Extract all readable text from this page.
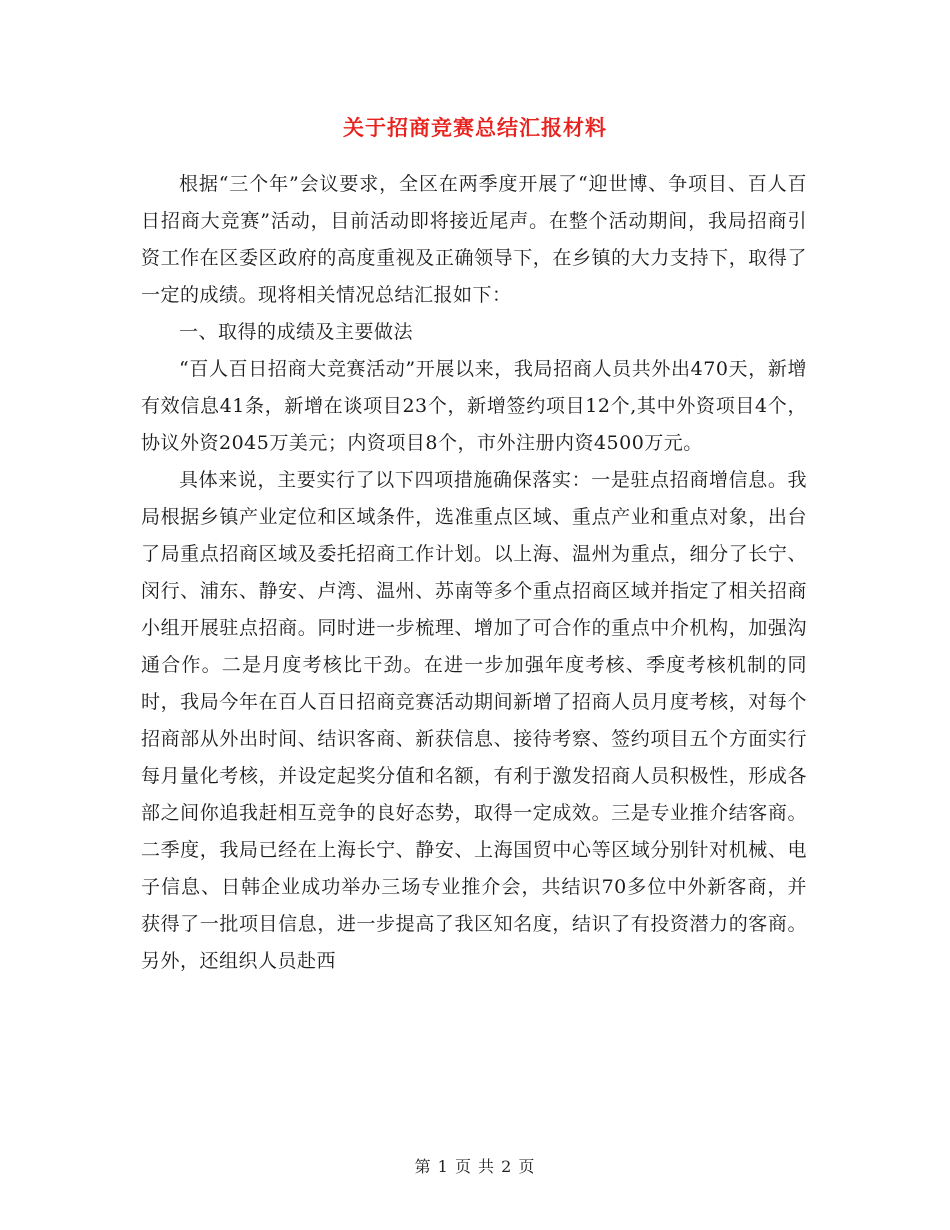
关于招商竞赛总结汇报材料

根据“三个年”会议要求，全区在两季度开展了“迎世博、争项目、百人百日招商大竞赛”活动，目前活动即将接近尾声。在整个活动期间，我局招商引资工作在区委区政府的高度重视及正确领导下，在乡镇的大力支持下，取得了一定的成绩。现将相关情况总结汇报如下：

一、取得的成绩及主要做法

“百人百日招商大竞赛活动”开展以来，我局招商人员共外出470天，新增有效信息41条，新增在谈项目23个，新增签约项目12个,其中外资项目4个，协议外资2045万美元；内资项目8个，市外注册内资4500万元。

具体来说，主要实行了以下四项措施确保落实：一是驻点招商增信息。我局根据乡镇产业定位和区域条件，选准重点区域、重点产业和重点对象，出台了局重点招商区域及委托招商工作计划。以上海、温州为重点，细分了长宁、闵行、浦东、静安、卢湾、温州、苏南等多个重点招商区域并指定了相关招商小组开展驻点招商。同时进一步梳理、增加了可合作的重点中介机构，加强沟通合作。二是月度考核比干劲。在进一步加强年度考核、季度考核机制的同时，我局今年在百人百日招商竞赛活动期间新增了招商人员月度考核，对每个招商部从外出时间、结识客商、新获信息、接待考察、签约项目五个方面实行每月量化考核，并设定起奖分值和名额，有利于激发招商人员积极性，形成各部之间你追我赶相互竞争的良好态势，取得一定成效。三是专业推介结客商。二季度，我局已经在上海长宁、静安、上海国贸中心等区域分别针对机械、电子信息、日韩企业成功举办三场专业推介会，共结识70多位中外新客商，并获得了一批项目信息，进一步提高了我区知名度，结识了有投资潜力的客商。另外，还组织人员赴西

第 1 页 共 2 页
